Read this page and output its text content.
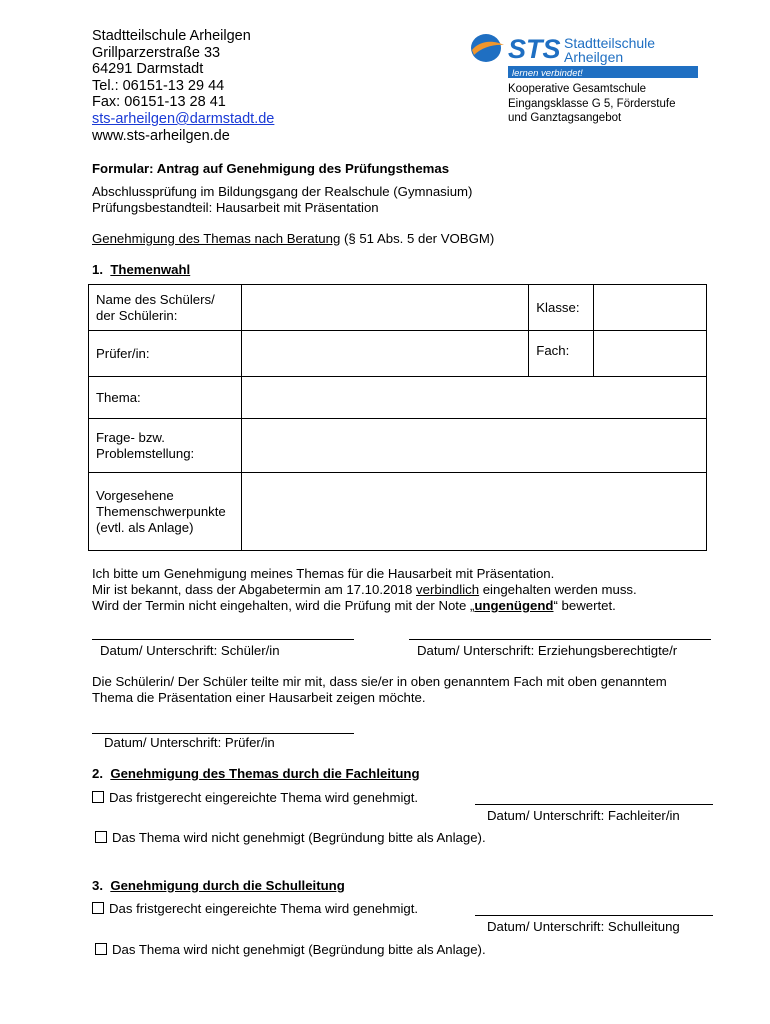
Stadtteilschule Arheilgen
Grillparzerstraße 33
64291 Darmstadt
Tel.: 06151-13 29 44
Fax: 06151-13 28 41
sts-arheilgen@darmstadt.de
www.sts-arheilgen.de
STS Stadtteilschule
Arheilgen
lernen verbindet!
Kooperative Gesamtschule
Eingangsklasse G 5, Förderstufe
und Ganztagsangebot
Formular: Antrag auf Genehmigung des Prüfungsthemas
Abschlussprüfung im Bildungsgang der Realschule (Gymnasium)
Prüfungsbestandteil: Hausarbeit mit Präsentation
Genehmigung des Themas nach Beratung (§ 51 Abs. 5 der VOBGM)
1. Themenwahl
Name des Schülers/
der Schülerin:		Klasse:	
Prüfer/in:		Fach:	
Thema:			
Frage- bzw.
Problemstellung:			
Vorgesehene
Themenschwerpunkte
(evtl. als Anlage)			
Ich bitte um Genehmigung meines Themas für die Hausarbeit mit Präsentation.
Mir ist bekannt, dass der Abgabetermin am 17.10.2018 verbindlich eingehalten werden muss.
Wird der Termin nicht eingehalten, wird die Prüfung mit der Note „ungenügend“ bewertet.
Datum/ Unterschrift: Schüler/in	Datum/ Unterschrift: Erziehungsberechtigte/r
Die Schülerin/ Der Schüler teilte mir mit, dass sie/er in oben genanntem Fach mit oben genanntem
Thema die Präsentation einer Hausarbeit zeigen möchte.
Datum/ Unterschrift: Prüfer/in
2. Genehmigung des Themas durch die Fachleitung
Das fristgerecht eingereichte Thema wird genehmigt.
Datum/ Unterschrift: Fachleiter/in
Das Thema wird nicht genehmigt (Begründung bitte als Anlage).
3. Genehmigung durch die Schulleitung
Das fristgerecht eingereichte Thema wird genehmigt.
Datum/ Unterschrift: Schulleitung
Das Thema wird nicht genehmigt (Begründung bitte als Anlage).
